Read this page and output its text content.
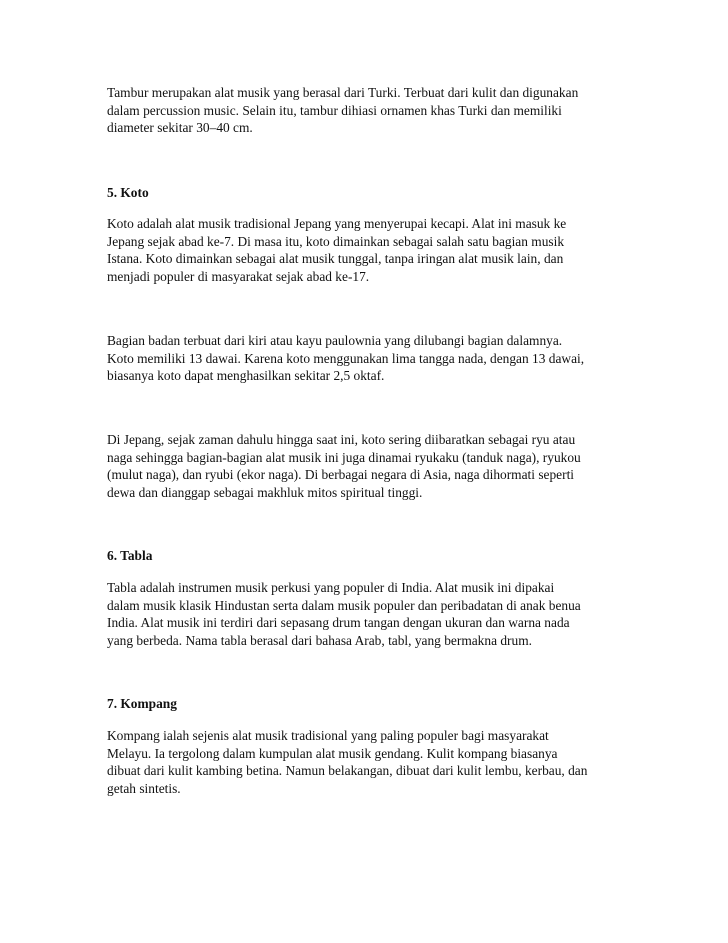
Tambur merupakan alat musik yang berasal dari Turki. Terbuat dari kulit dan digunakan
dalam percussion music. Selain itu, tambur dihiasi ornamen khas Turki dan memiliki
diameter sekitar 30–40 cm.

5. Koto

Koto adalah alat musik tradisional Jepang yang menyerupai kecapi. Alat ini masuk ke
Jepang sejak abad ke-7. Di masa itu, koto dimainkan sebagai salah satu bagian musik
Istana. Koto dimainkan sebagai alat musik tunggal, tanpa iringan alat musik lain, dan
menjadi populer di masyarakat sejak abad ke-17.

Bagian badan terbuat dari kiri atau kayu paulownia yang dilubangi bagian dalamnya.
Koto memiliki 13 dawai. Karena koto menggunakan lima tangga nada, dengan 13 dawai,
biasanya koto dapat menghasilkan sekitar 2,5 oktaf.

Di Jepang, sejak zaman dahulu hingga saat ini, koto sering diibaratkan sebagai ryu atau
naga sehingga bagian-bagian alat musik ini juga dinamai ryukaku (tanduk naga), ryukou
(mulut naga), dan ryubi (ekor naga). Di berbagai negara di Asia, naga dihormati seperti
dewa dan dianggap sebagai makhluk mitos spiritual tinggi.

6. Tabla

Tabla adalah instrumen musik perkusi yang populer di India. Alat musik ini dipakai
dalam musik klasik Hindustan serta dalam musik populer dan peribadatan di anak benua
India. Alat musik ini terdiri dari sepasang drum tangan dengan ukuran dan warna nada
yang berbeda. Nama tabla berasal dari bahasa Arab, tabl, yang bermakna drum.

7. Kompang

Kompang ialah sejenis alat musik tradisional yang paling populer bagi masyarakat
Melayu. Ia tergolong dalam kumpulan alat musik gendang. Kulit kompang biasanya
dibuat dari kulit kambing betina. Namun belakangan, dibuat dari kulit lembu, kerbau, dan
getah sintetis.
